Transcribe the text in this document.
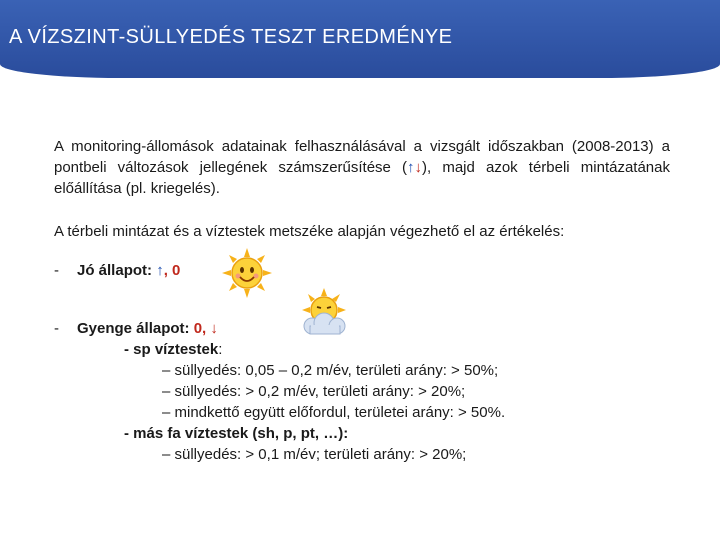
A VÍZSZINT-SÜLLYEDÉS TESZT EREDMÉNYE

A monitoring-állomások adatainak felhasználásával a vizsgált időszakban (2008-2013) a pontbeli változások jellegének számszerűsítése (↑↓), majd azok térbeli mintázatának előállítása (pl. kriegelés).

A térbeli mintázat és a víztestek metszéke alapján végezhető el az értékelés:

- Jó állapot: ↑, 0
- Gyenge állapot: 0, ↓
- sp víztestek:
– süllyedés: 0,05 – 0,2 m/év, területi arány: > 50%;
– süllyedés: > 0,2 m/év, területi arány: > 20%;
– mindkettő együtt előfordul, területei arány: > 50%.
- más fa víztestek (sh, p, pt, …):
– süllyedés: > 0,1 m/év; területi arány: > 20%;
